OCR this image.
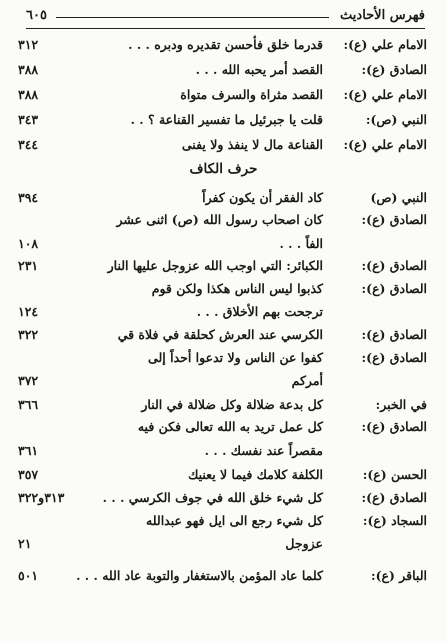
فهرس الأحاديث
٦٠٥
الامام علي (ع):
قدرما خلق فأحسن تقديره ودبره . . .
٣١٢
الصادق (ع):
القصد أمر يحبه الله . . .
٣٨٨
الامام علي (ع):
القصد مثراة والسرف متواة
٣٨٨
النبي (ص):
قلت يا جبرئيل ما تفسير القناعة ؟ . .
٣٤٣
الامام علي (ع):
القناعة مال لا ينفذ ولا يفنى
٣٤٤
حرف الكاف
النبي (ص)
كاد الفقر أن يكون كفراً
٣٩٤
الصادق (ع):
كان اصحاب رسول الله (ص) اثنى عشر
الفاً . . .
١٠٨
الصادق (ع):
الكبائر: التي اوجب الله عزوجل عليها النار
٢٣١
الصادق (ع):
كذبوا ليس الناس هكذا ولكن قوم
ترجحت بهم الأخلاق . . .
١٢٤
الصادق (ع):
الكرسي عند العرش كحلقة في فلاة قي
٣٢٢
الصادق (ع):
كفوا عن الناس ولا تدعوا أحداً إلى
أمركم
٣٧٢
في الخبر:
كل بدعة ضلالة وكل ضلالة في النار
٣٦٦
الصادق (ع):
كل عمل تريد به الله تعالى فكن فيه
مقصراً عند نفسك . . .
٣٦١
الحسن (ع):
الكلفة كلامك فيما لا يعنيك
٣٥٧
الصادق (ع):
كل شيء خلق الله في جوف الكرسي . . .
٣١٣و٣٢٢
السجاد (ع):
كل شيء رجع الى ايل فهو عبدالله
عزوجل
٢١
الباقر (ع):
كلما عاد المؤمن بالاستغفار والتوبة عاد الله . . .
٥٠١
